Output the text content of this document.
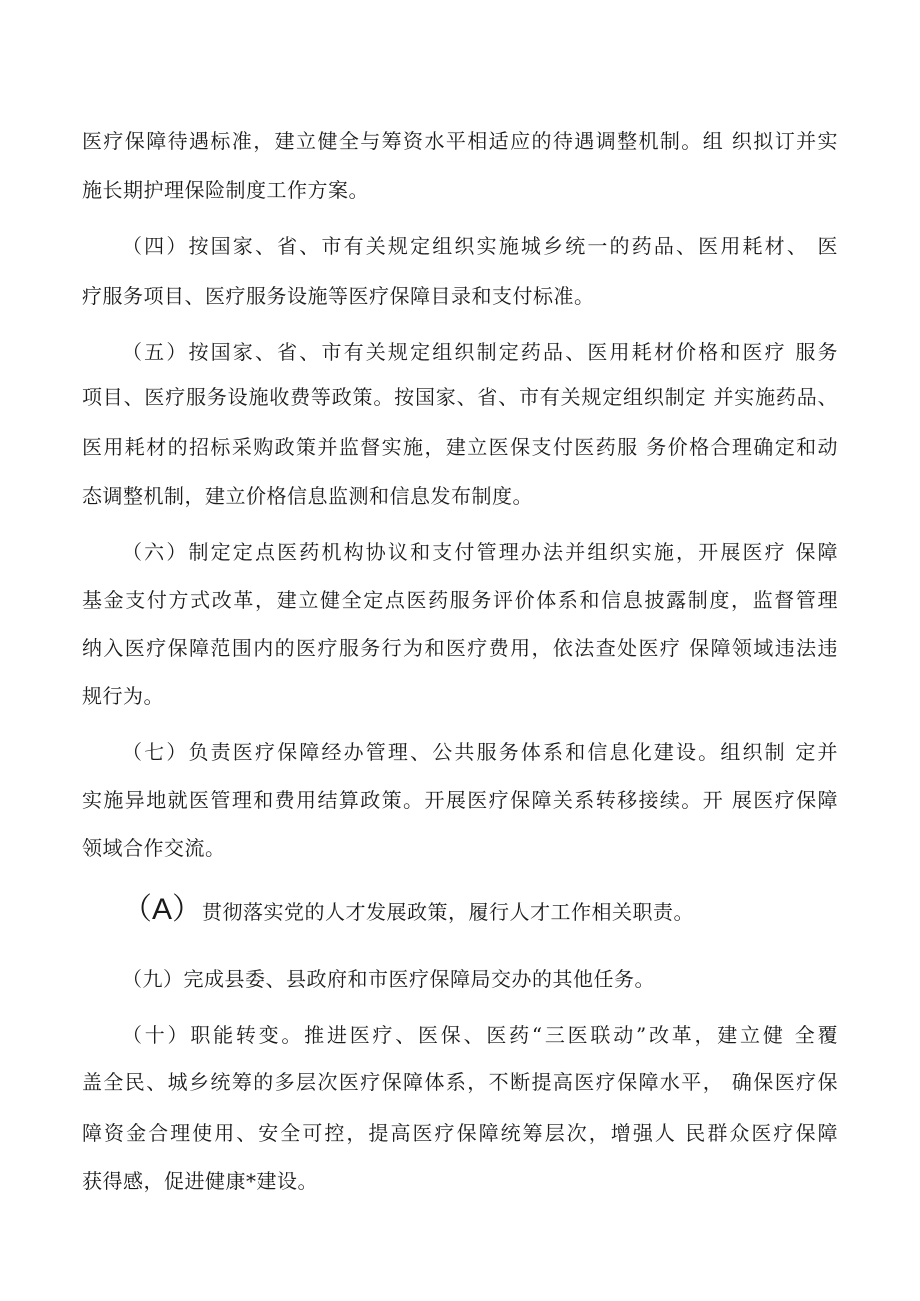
医疗保障待遇标准，建立健全与筹资水平相适应的待遇调整机制。组 织拟订并实
施长期护理保险制度工作方案。
（四）按国家、省、市有关规定组织实施城乡统一的药品、医用耗材、 医
疗服务项目、医疗服务设施等医疗保障目录和支付标准。
（五）按国家、省、市有关规定组织制定药品、医用耗材价格和医疗 服务
项目、医疗服务设施收费等政策。按国家、省、市有关规定组织制定 并实施药品、
医用耗材的招标采购政策并监督实施，建立医保支付医药服 务价格合理确定和动
态调整机制，建立价格信息监测和信息发布制度。
（六）制定定点医药机构协议和支付管理办法并组织实施，开展医疗 保障
基金支付方式改革，建立健全定点医药服务评价体系和信息披露制度，监督管理
纳入医疗保障范围内的医疗服务行为和医疗费用，依法查处医疗 保障领域违法违
规行为。
（七）负责医疗保障经办管理、公共服务体系和信息化建设。组织制 定并
实施异地就医管理和费用结算政策。开展医疗保障关系转移接续。开 展医疗保障
领域合作交流。
（A）贯彻落实党的人才发展政策，履行人才工作相关职责。
（九）完成县委、县政府和市医疗保障局交办的其他任务。
（十）职能转变。推进医疗、医保、医药“三医联动”改革，建立健 全覆
盖全民、城乡统筹的多层次医疗保障体系，不断提高医疗保障水平， 确保医疗保
障资金合理使用、安全可控，提高医疗保障统筹层次，增强人 民群众医疗保障
获得感，促进健康*建设。
